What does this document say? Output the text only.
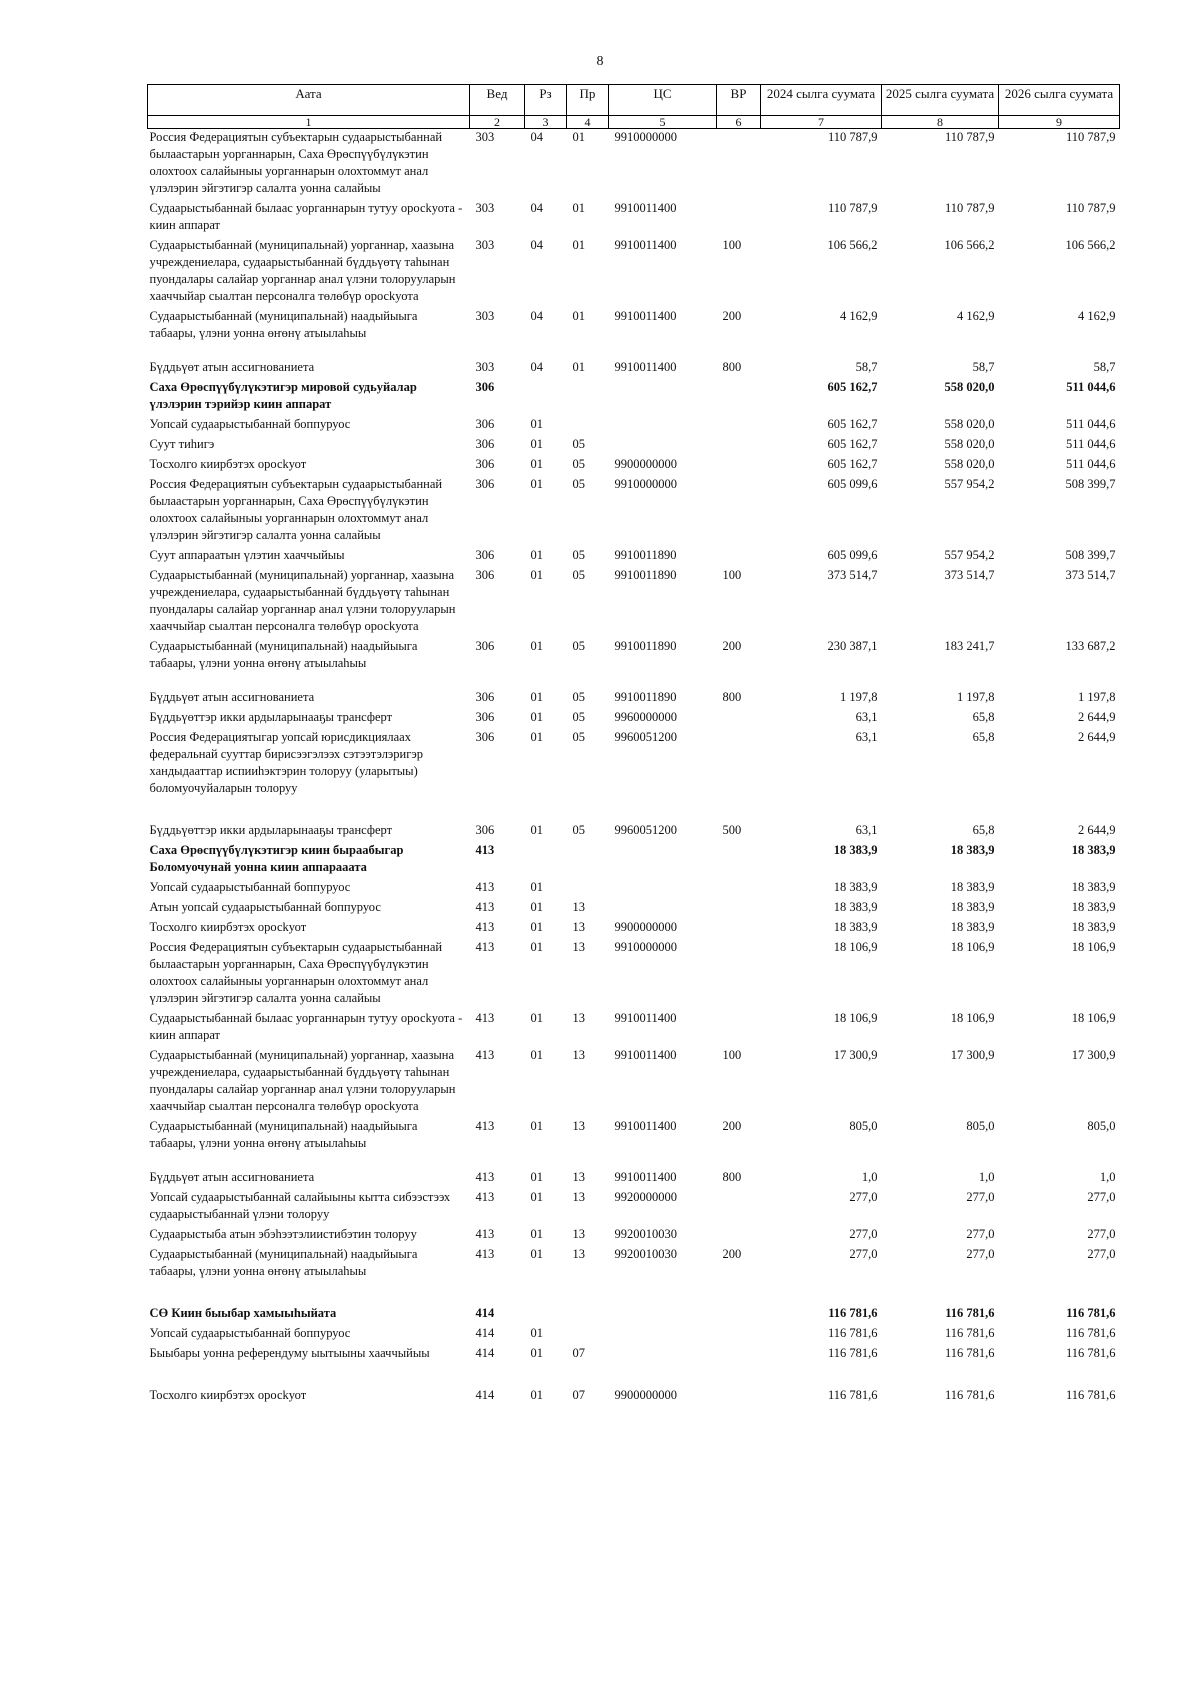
8
Аата	Вед	Рз	Пр	ЦС	ВР	2024 сылга суумата	2025 сылга суумата	2026 сылга суумата
1	2	3	4	5	6	7	8	9
Россия Федерациятын субъектарын судаарыстыбаннай былаастарын уорганнарын, Саха Өрөспүүбүлүкэтин олохтоох салайыныы уорганнарын олохтоммут анал үлэлэрин эйгэтигэр салалта уонна салайыы	303	04	01	9910000000		110 787,9	110 787,9	110 787,9
Судаарыстыбаннай былаас уорганнарын тутуу оросkуота - киин аппарат	303	04	01	9910011400		110 787,9	110 787,9	110 787,9
Судаарыстыбаннай (муниципальнай) уорганнар, хаазына учреждениелара, судаарыстыбаннай бүддьүөтү таһынан пуондалары салайар уорганнар анал үлэни толорууларын хааччыйар сыалтан персоналга төлөбүр оросkуота	303	04	01	9910011400	100	106 566,2	106 566,2	106 566,2
Судаарыстыбаннай (муниципальнай) наадыйыыга табаары, үлэни уонна өҥөнү атыылаһыы	303	04	01	9910011400	200	4 162,9	4 162,9	4 162,9
Бүддьүөт атын ассигнованиета	303	04	01	9910011400	800	58,7	58,7	58,7
Саха Өрөспүүбүлүкэтигэр мировой судьуйалар үлэлэрин тэрийэр киин аппарат	306					605 162,7	558 020,0	511 044,6
Уопсай судаарыстыбаннай боппуруос	306	01				605 162,7	558 020,0	511 044,6
Суут тиһигэ	306	01	05			605 162,7	558 020,0	511 044,6
Тосхолго киирбэтэх оросkуот	306	01	05	9900000000		605 162,7	558 020,0	511 044,6
Россия Федерациятын субъектарын судаарыстыбаннай былаастарын уорганнарын, Саха Өрөспүүбүлүкэтин олохтоох салайыныы уорганнарын олохтоммут анал үлэлэрин эйгэтигэр салалта уонна салайыы	306	01	05	9910000000		605 099,6	557 954,2	508 399,7
Суут аппараатын үлэтин хааччыйыы	306	01	05	9910011890		605 099,6	557 954,2	508 399,7
Судаарыстыбаннай (муниципальнай) уорганнар, хаазына учреждениелара, судаарыстыбаннай бүддьүөтү таһынан пуондалары салайар уорганнар анал үлэни толорууларын хааччыйар сыалтан персоналга төлөбүр оросkуота	306	01	05	9910011890	100	373 514,7	373 514,7	373 514,7
Судаарыстыбаннай (муниципальнай) наадыйыыга табаары, үлэни уонна өҥөнү атыылаһыы	306	01	05	9910011890	200	230 387,1	183 241,7	133 687,2
Бүддьүөт атын ассигнованиета	306	01	05	9910011890	800	1 197,8	1 197,8	1 197,8
Бүддьүөттэр икки ардыларынааҕы трансферт	306	01	05	9960000000		63,1	65,8	2 644,9
Россия Федерациятыгар уопсай юрисдикциялаах федеральнай сууттар бирисээгэлээх сэтээтэлэригэр хандыдааттар испииһэктэрин толоруу (уларытыы) боломуочуйаларын толоруу	306	01	05	9960051200		63,1	65,8	2 644,9
Бүддьүөттэр икки ардыларынааҕы трансферт	306	01	05	9960051200	500	63,1	65,8	2 644,9
Саха Өрөспүүбүлүкэтигэр киин быраабыгар Боломуочунай уонна киин аппарааата	413					18 383,9	18 383,9	18 383,9
Уопсай судаарыстыбаннай боппуруос	413	01				18 383,9	18 383,9	18 383,9
Атын уопсай судаарыстыбаннай боппуруос	413	01	13			18 383,9	18 383,9	18 383,9
Тосхолго киирбэтэх оросkуот	413	01	13	9900000000		18 383,9	18 383,9	18 383,9
Россия Федерациятын субъектарын судаарыстыбаннай былаастарын уорганнарын, Саха Өрөспүүбүлүкэтин олохтоох салайыныы уорганнарын олохтоммут анал үлэлэрин эйгэтигэр салалта уонна салайыы	413	01	13	9910000000		18 106,9	18 106,9	18 106,9
Судаарыстыбаннай былаас уорганнарын тутуу оросkуота - киин аппарат	413	01	13	9910011400		18 106,9	18 106,9	18 106,9
Судаарыстыбаннай (муниципальнай) уорганнар, хаазына учреждениелара, судаарыстыбаннай бүддьүөтү таһынан пуондалары салайар уорганнар анал үлэни толорууларын хааччыйар сыалтан персоналга төлөбүр оросkуота	413	01	13	9910011400	100	17 300,9	17 300,9	17 300,9
Судаарыстыбаннай (муниципальнай) наадыйыыга табаары, үлэни уонна өҥөнү атыылаһыы	413	01	13	9910011400	200	805,0	805,0	805,0
Бүддьүөт атын ассигнованиета	413	01	13	9910011400	800	1,0	1,0	1,0
Уопсай судаарыстыбаннай салайыыны кытта сибээстээх судаарыстыбаннай үлэни толоруу	413	01	13	9920000000		277,0	277,0	277,0
Судаарыстыба атын эбэһээтэлиистибэтин толоруу	413	01	13	9920010030		277,0	277,0	277,0
Судаарыстыбаннай (муниципальнай) наадыйыыга табаары, үлэни уонна өҥөнү атыылаһыы	413	01	13	9920010030	200	277,0	277,0	277,0
СӨ Киин быыбар хамыыһыйата	414					116 781,6	116 781,6	116 781,6
Уопсай судаарыстыбаннай боппуруос	414	01				116 781,6	116 781,6	116 781,6
Быыбары уонна референдуму ыытыыны хааччыйыы	414	01	07			116 781,6	116 781,6	116 781,6
Тосхолго киирбэтэх оросkуот	414	01	07	9900000000		116 781,6	116 781,6	116 781,6
